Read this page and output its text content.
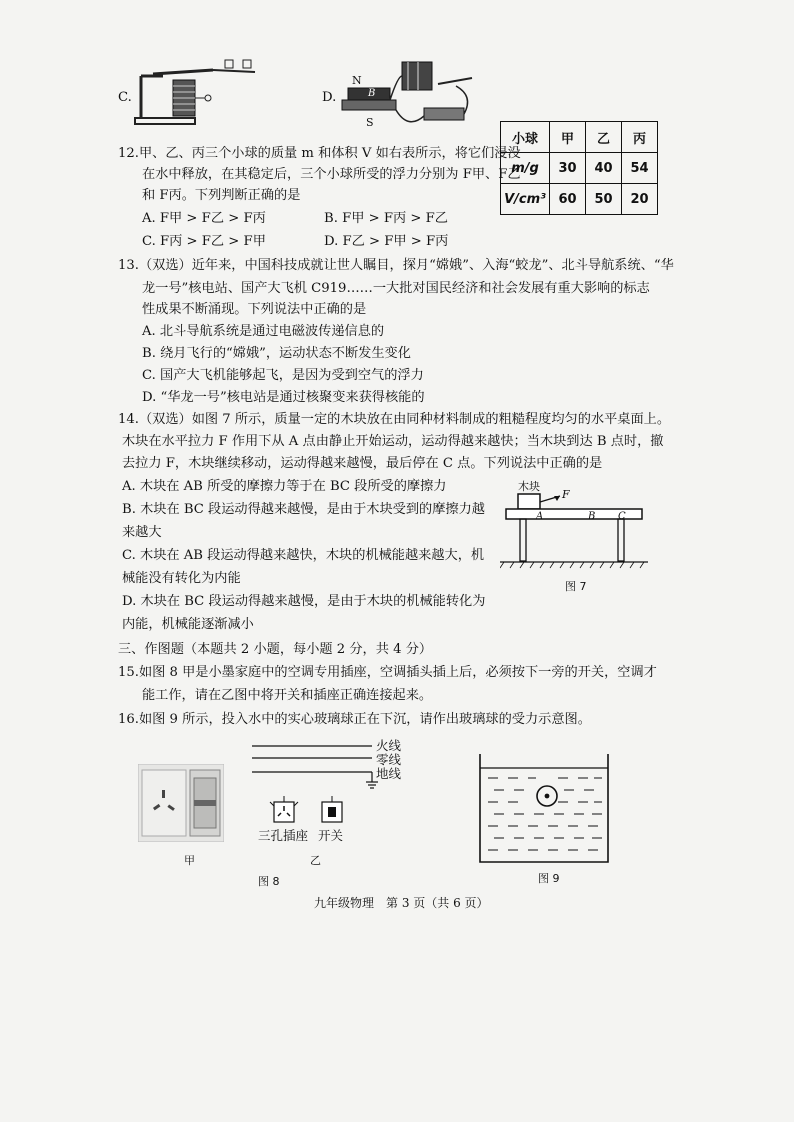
C.	D.
N
B
S
12.甲、乙、丙三个小球的质量 m 和体积 V 如右表所示，将它们浸没
在水中释放，在其稳定后，三个小球所受的浮力分别为 F甲、F乙
和 F丙。下列判断正确的是
A. F甲 > F乙 > F丙	B. F甲 > F丙 > F乙
C. F丙 > F乙 > F甲	D. F乙 > F甲 > F丙
小球	甲	乙	丙
m/g	30	40	54
V/cm³	60	50	20
13.（双选）近年来，中国科技成就让世人瞩目，探月“嫦娥”、入海“蛟龙”、北斗导航系统、“华
龙一号”核电站、国产大飞机 C919……一大批对国民经济和社会发展有重大影响的标志
性成果不断涌现。下列说法中正确的是
A. 北斗导航系统是通过电磁波传递信息的
B. 绕月飞行的“嫦娥”，运动状态不断发生变化
C. 国产大飞机能够起飞，是因为受到空气的浮力
D. “华龙一号”核电站是通过核聚变来获得核能的
14.（双选）如图 7 所示，质量一定的木块放在由同种材料制成的粗糙程度均匀的水平桌面上。
木块在水平拉力 F 作用下从 A 点由静止开始运动，运动得越来越快；当木块到达 B 点时，撤
去拉力 F，木块继续移动，运动得越来越慢，最后停在 C 点。下列说法中正确的是
A. 木块在 AB 所受的摩擦力等于在 BC 段所受的摩擦力
B. 木块在 BC 段运动得越来越慢，是由于木块受到的摩擦力越
来越大
C. 木块在 AB 段运动得越来越快，木块的机械能越来越大，机
械能没有转化为内能
D. 木块在 BC 段运动得越来越慢，是由于木块的机械能转化为
内能，机械能逐渐减小
木块
F
A	B C
图 7
三、作图题（本题共 2 小题，每小题 2 分，共 4 分）
15.如图 8 甲是小墨家庭中的空调专用插座，空调插头插上后，必须按下一旁的开关，空调才
能工作，请在乙图中将开关和插座正确连接起来。
16.如图 9 所示，投入水中的实心玻璃球正在下沉，请作出玻璃球的受力示意图。
甲
火线
零线
地线
三孔插座 开关
乙
图 8	图 9
九年级物理　第 3 页（共 6 页）
